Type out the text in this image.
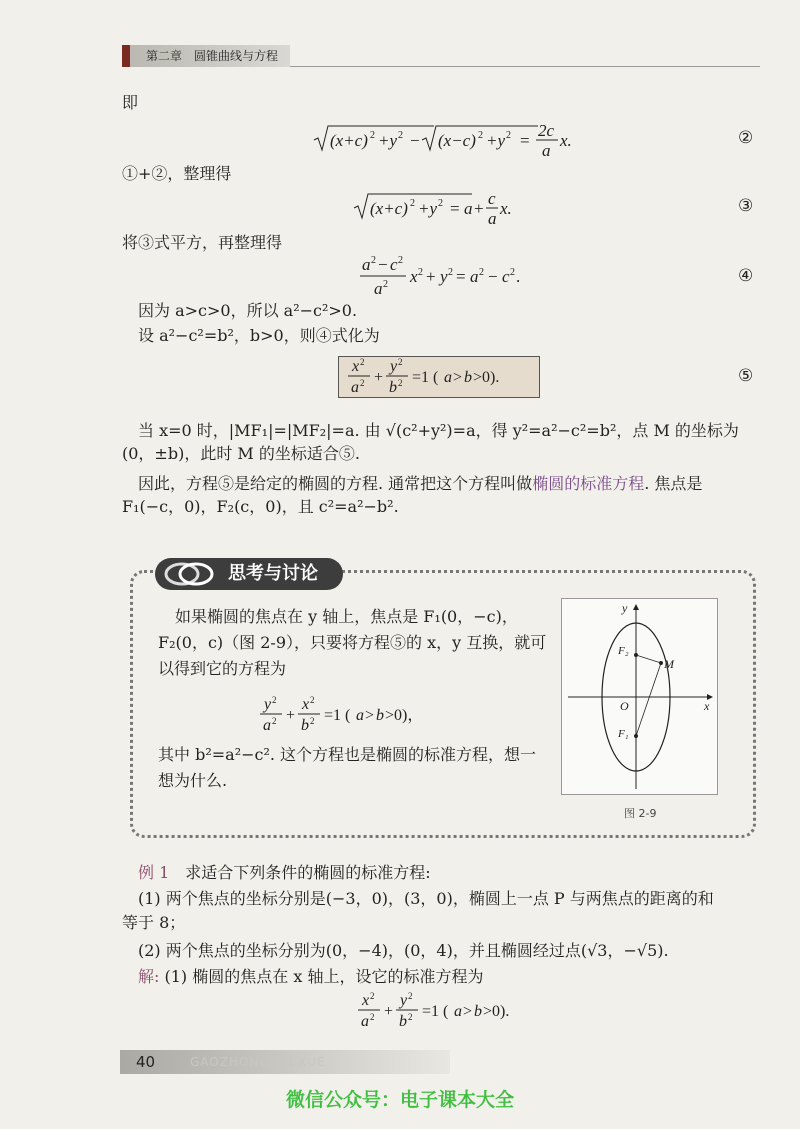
第二章　圆锥曲线与方程
即
(x+c) 2 +y 2 − (x−c) 2 +y 2 =
2c
a
x.	②
①+②，整理得
(x+c) 2 +y 2 = a +
c
a
x.	③
将③式平方，再整理得
a 2 − c 2
a 2 x 2 + y 2 = a 2 − c 2 .	④
因为 a>c>0，所以 a²−c²>0.
设 a²−c²=b²，b>0，则④式化为
x 2
a 2 +
y 2
b 2 =1 ( a > b >0).	⑤
当 x=0 时，|MF₁|=|MF₂|=a. 由 √(c²+y²)=a，得 y²=a²−c²=b²，点 M 的坐标为
(0，±b)，此时 M 的坐标适合⑤.
因此，方程⑤是给定的椭圆的方程. 通常把这个方程叫做椭圆的标准方程. 焦点是
F₁(−c，0)，F₂(c，0)，且 c²=a²−b².
思考与讨论
如果椭圆的焦点在 y 轴上，焦点是 F₁(0，−c)，
F₂(0，c)（图 2-9），只要将方程⑤的 x，y 互换，就可
以得到它的方程为
y 2
a 2 +
x 2
b 2 =1 ( a > b >0)，
其中 b²=a²−c². 这个方程也是椭圆的标准方程，想一
想为什么.
y
x
O
F₂
F₁
M
图 2-9
例 1　 求适合下列条件的椭圆的标准方程:
(1) 两个焦点的坐标分别是(−3，0)，(3，0)，椭圆上一点 P 与两焦点的距离的和
等于 8；
(2) 两个焦点的坐标分别为(0，−4)，(0，4)，并且椭圆经过点(√3，−√5).
解: (1) 椭圆的焦点在 x 轴上，设它的标准方程为
x 2
a 2 +
y 2
b 2 =1 ( a > b >0).
40	GAOZHONGSHUXUE
微信公众号：电子课本大全
